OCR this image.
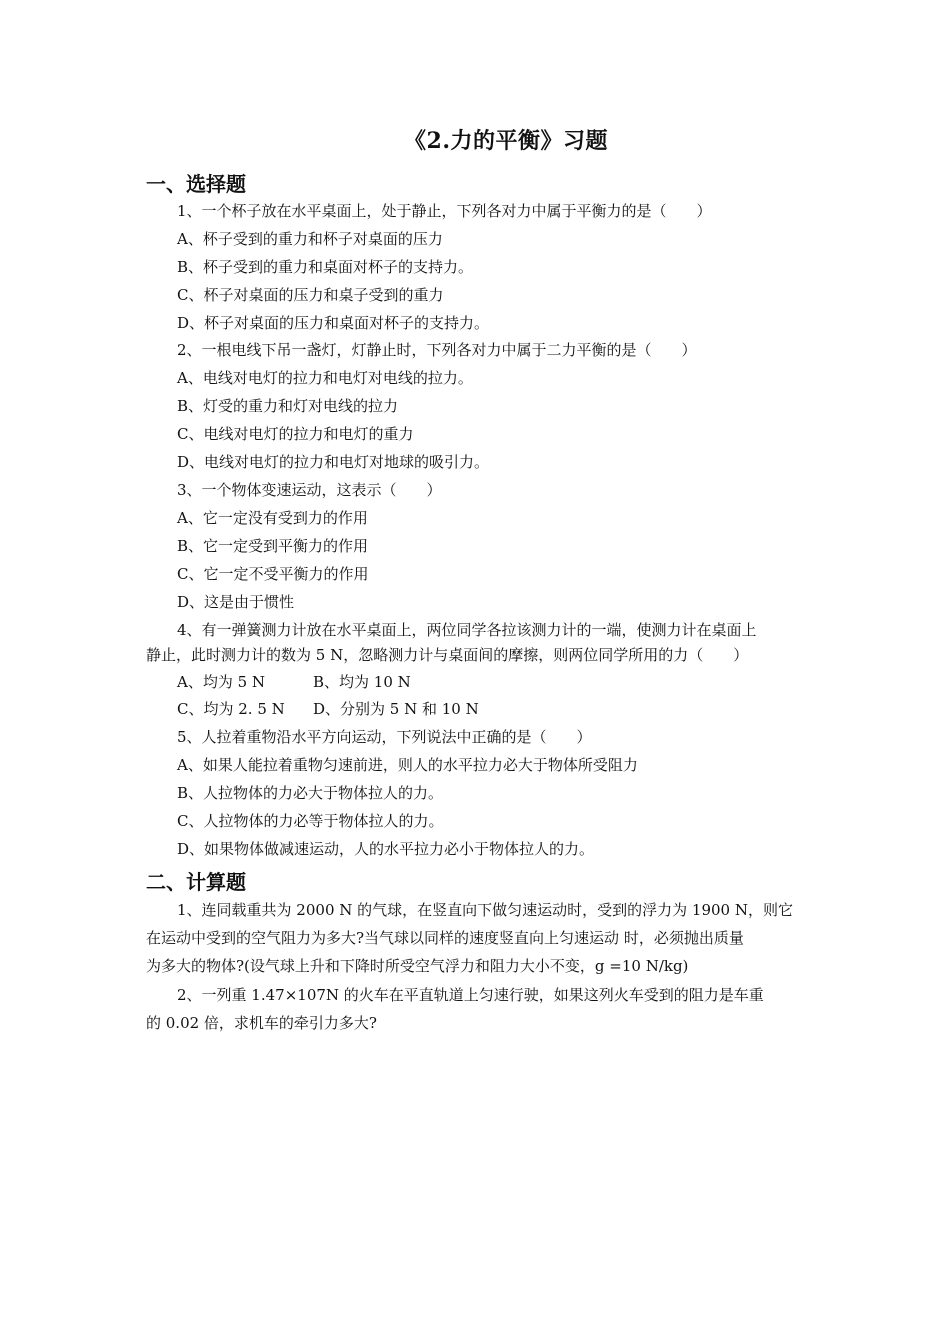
《2.力的平衡》习题
一、选择题
1、一个杯子放在水平桌面上，处于静止，下列各对力中属于平衡力的是（　　）
A、杯子受到的重力和杯子对桌面的压力
B、杯子受到的重力和桌面对杯子的支持力。
C、杯子对桌面的压力和桌子受到的重力
D、杯子对桌面的压力和桌面对杯子的支持力。
2、一根电线下吊一盏灯，灯静止时，下列各对力中属于二力平衡的是（　　）
A、电线对电灯的拉力和电灯对电线的拉力。
B、灯受的重力和灯对电线的拉力
C、电线对电灯的拉力和电灯的重力
D、电线对电灯的拉力和电灯对地球的吸引力。
3、一个物体变速运动，这表示（　　）
A、它一定没有受到力的作用
B、它一定受到平衡力的作用
C、它一定不受平衡力的作用
D、这是由于惯性
4、有一弹簧测力计放在水平桌面上，两位同学各拉该测力计的一端，使测力计在桌面上
静止，此时测力计的数为 5 N，忽略测力计与桌面间的摩擦，则两位同学所用的力（　　）
A、均为 5 N	B、均为 10 N
C、均为 2. 5 N D、分别为 5 N 和 10 N
5、人拉着重物沿水平方向运动，下列说法中正确的是（　　）
A、如果人能拉着重物匀速前进，则人的水平拉力必大于物体所受阻力
B、人拉物体的力必大于物体拉人的力。
C、人拉物体的力必等于物体拉人的力。
D、如果物体做减速运动，人的水平拉力必小于物体拉人的力。
二、计算题
1、连同载重共为 2000 N 的气球，在竖直向下做匀速运动时，受到的浮力为 1900 N，则它
在运动中受到的空气阻力为多大?当气球以同样的速度竖直向上匀速运动 时，必须抛出质量
为多大的物体?(设气球上升和下降时所受空气浮力和阻力大小不变，g =10 N/kg)
2、一列重 1.47×107N 的火车在平直轨道上匀速行驶，如果这列火车受到的阻力是车重
的 0.02 倍，求机车的牵引力多大?
